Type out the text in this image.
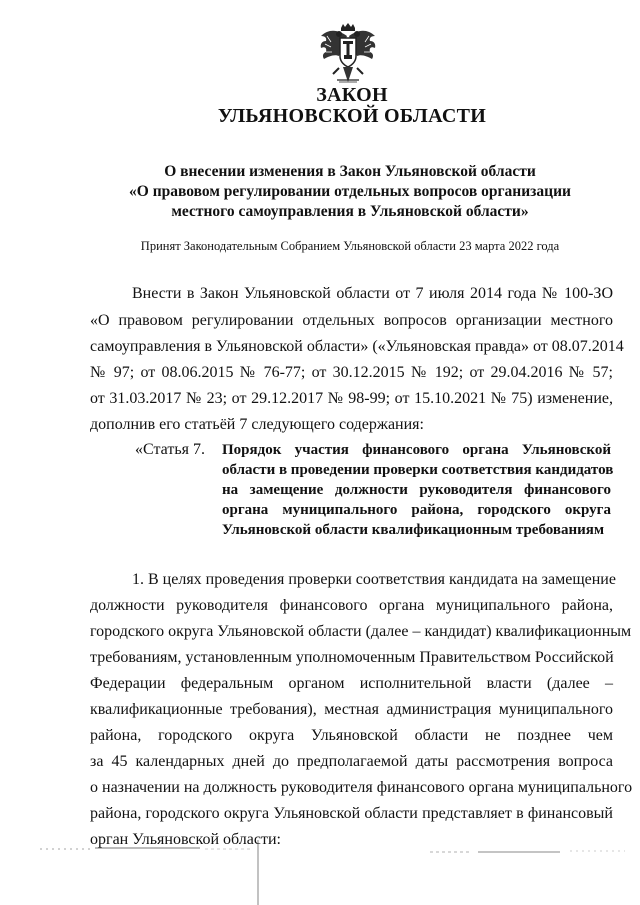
ЗАКОН
УЛЬЯНОВСКОЙ ОБЛАСТИ
О внесении изменения в Закон Ульяновской области
«О правовом регулировании отдельных вопросов организации
местного самоуправления в Ульяновской области»
Принят Законодательным Собранием Ульяновской области 23 марта 2022 года
Внести в Закон Ульяновской области от 7 июля 2014 года № 100-ЗО
«О правовом регулировании отдельных вопросов организации местного
самоуправления в Ульяновской области» («Ульяновская правда» от 08.07.2014
№ 97; от 08.06.2015 № 76-77; от 30.12.2015 № 192; от 29.04.2016 № 57;
от 31.03.2017 № 23; от 29.12.2017 № 98-99; от 15.10.2021 № 75) изменение,
дополнив его статьёй 7 следующего содержания:
«Статья 7. Порядок участия финансового органа Ульяновской
области в проведении проверки соответствия кандидатов
на замещение должности руководителя финансового
органа муниципального района, городского округа
Ульяновской области квалификационным требованиям
1. В целях проведения проверки соответствия кандидата на замещение
должности руководителя финансового органа муниципального района,
городского округа Ульяновской области (далее – кандидат) квалификационным
требованиям, установленным уполномоченным Правительством Российской
Федерации федеральным органом исполнительной власти (далее –
квалификационные требования), местная администрация муниципального
района, городского округа Ульяновской области не позднее чем
за 45 календарных дней до предполагаемой даты рассмотрения вопроса
о назначении на должность руководителя финансового органа муниципального
района, городского округа Ульяновской области представляет в финансовый
орган Ульяновской области:
